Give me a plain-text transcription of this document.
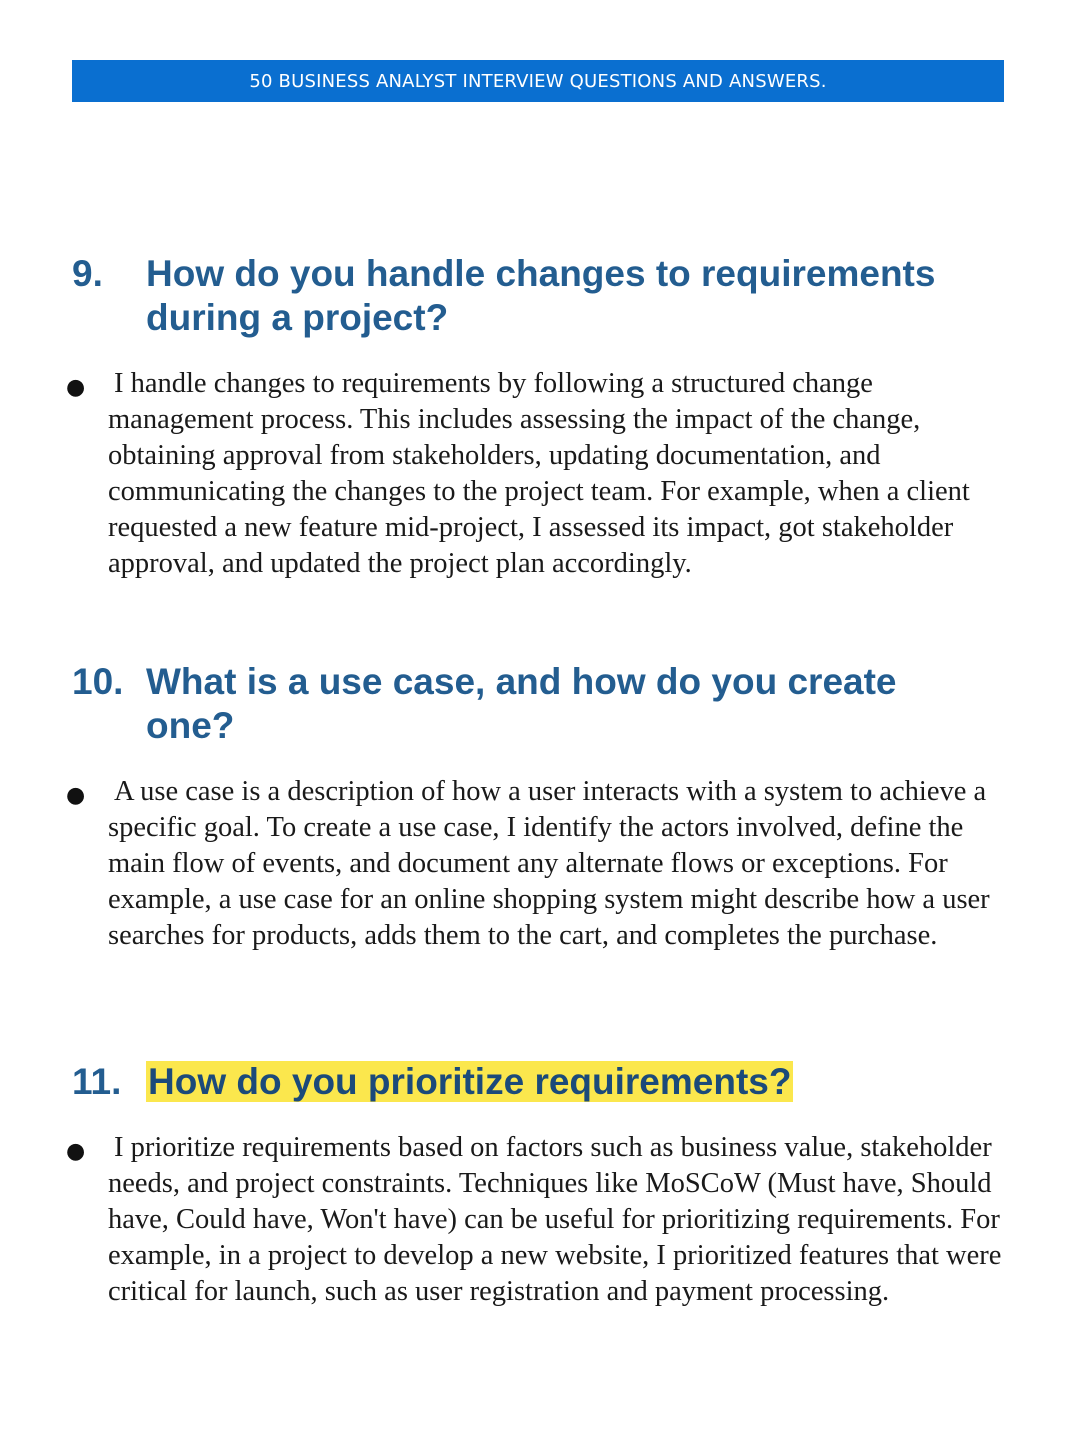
50 BUSINESS ANALYST INTERVIEW QUESTIONS AND ANSWERS.
9. How do you handle changes to requirements during a project?
● I handle changes to requirements by following a structured change management process. This includes assessing the impact of the change, obtaining approval from stakeholders, updating documentation, and communicating the changes to the project team. For example, when a client requested a new feature mid-project, I assessed its impact, got stakeholder approval, and updated the project plan accordingly.

10. What is a use case, and how do you create one?
● A use case is a description of how a user interacts with a system to achieve a specific goal. To create a use case, I identify the actors involved, define the main flow of events, and document any alternate flows or exceptions. For example, a use case for an online shopping system might describe how a user searches for products, adds them to the cart, and completes the purchase.

11. How do you prioritize requirements?
● I prioritize requirements based on factors such as business value, stakeholder needs, and project constraints. Techniques like MoSCoW (Must have, Should have, Could have, Won't have) can be useful for prioritizing requirements. For example, in a project to develop a new website, I prioritized features that were critical for launch, such as user registration and payment processing.
